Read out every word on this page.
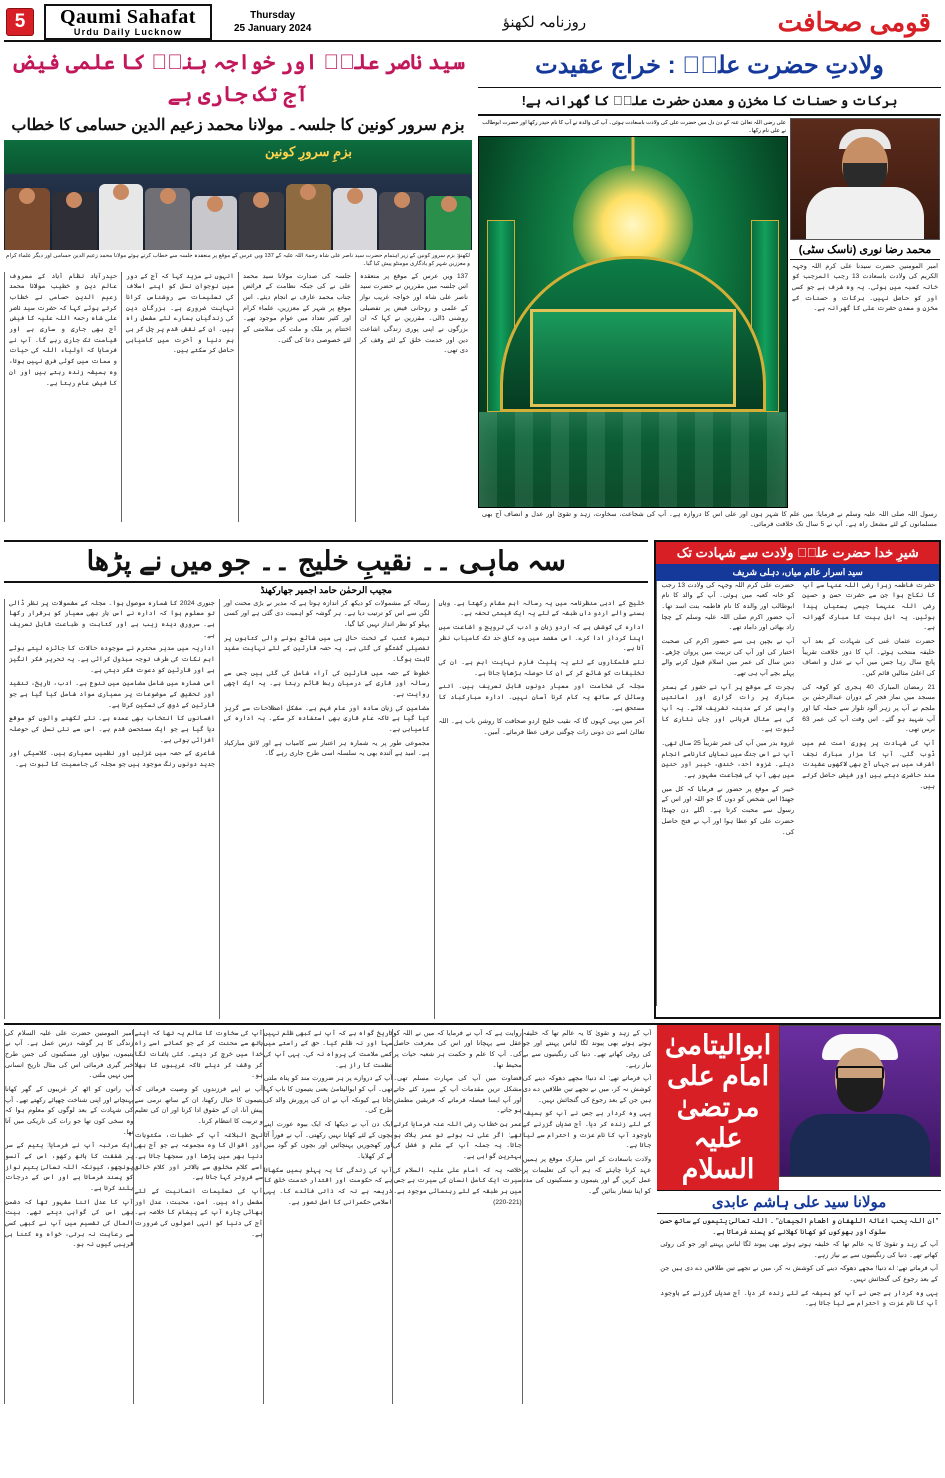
5	Qaumi Sahafat
Urdu Daily Lucknow
Thursday
25 January 2024	روزنامہ لکھنؤ	قومی صحافت
سید ناصر علیؒ اور خواجہ ہندؒ کا علمی فیض آج تک جاری ہے
بزم سرور کونین کا جلسہ۔ مولانا محمد زعیم الدین حسامی کا خطاب
بزمِ سرورِ کونین
لکھنؤ: بزم سرور کونین کے زیر اہتمام حضرت سید ناصر علی شاہ رحمۃ اللہ علیہ کے 137 ویں عرس کے موقع پر منعقدہ جلسہ سے خطاب کرتے ہوئے مولانا محمد زعیم الدین حسامی اور دیگر علماء کرام و معززین شہر کو یادگاری مومنٹو پیش کیا گیا۔
حیدرآباد نظام آباد کے معروف عالم دین و خطیب مولانا محمد زعیم الدین حسامی نے خطاب کرتے ہوئے کہا کہ حضرت سید ناصر علی شاہ رحمۃ اللہ علیہ کا فیض آج بھی جاری و ساری ہے اور قیامت تک جاری رہے گا۔ آپ نے فرمایا کہ اولیاء اللہ کی حیات و ممات میں کوئی فرق نہیں ہوتا، وہ ہمیشہ زندہ رہتے ہیں اور ان کا فیض عام رہتا ہے۔
انہوں نے مزید کہا کہ آج کے دور میں نوجوان نسل کو اپنے اسلاف کی تعلیمات سے روشناس کرانا نہایت ضروری ہے۔ بزرگان دین کی زندگیاں ہمارے لئے مشعل راہ ہیں۔ ان کے نقش قدم پر چل کر ہی ہم دنیا و آخرت میں کامیابی حاصل کر سکتے ہیں۔
جلسہ کی صدارت مولانا سید محمد علی نے کی جبکہ نظامت کے فرائض جناب محمد عارف نے انجام دیئے۔ اس موقع پر شہر کے معززین، علماء کرام اور کثیر تعداد میں عوام موجود تھے۔ اختتام پر ملک و ملت کی سلامتی کے لئے خصوصی دعا کی گئی۔
137 ویں عرس کے موقع پر منعقدہ اس جلسہ میں مقررین نے حضرت سید ناصر علی شاہ اور خواجہ غریب نواز کے علمی و روحانی فیض پر تفصیلی روشنی ڈالی۔ مقررین نے کہا کہ ان بزرگوں نے اپنی پوری زندگی اشاعت دین اور خدمت خلق کے لئے وقف کر دی تھی۔
ولادتِ حضرت علیؓ : خراج عقیدت
برکات و حسنات کا مخزن و معدن حضرت علیؓ کا گھرانہ ہے!
علی رضی اللہ تعالیٰ عنہ کے دن دل میں حضرت علی کی ولادت باسعادت ہوئی۔ آپ کی والدہ نے آپ کا نام حیدر رکھا اور حضرت ابوطالب نے علی نام رکھا۔
محمد رضا نوری (ناسک سٹی)
امیر المومنین حضرت سیدنا علی کرم اللہ وجہہ الکریم کی ولادت باسعادت 13 رجب المرجب کو خانہ کعبہ میں ہوئی۔ یہ وہ شرف ہے جو کسی اور کو حاصل نہیں۔ برکات و حسنات کے مخزن و معدن حضرت علی کا گھرانہ ہے۔
رسول اللہ صلی اللہ علیہ وسلم نے فرمایا: میں علم کا شہر ہوں اور علی اس کا دروازہ ہے۔ آپ کی شجاعت، سخاوت، زہد و تقویٰ اور عدل و انصاف آج بھی مسلمانوں کے لئے مشعل راہ ہے۔ آپ نے 5 سال تک خلافت فرمائی۔
سہ ماہی ۔۔ نقیبِ خلیج ۔۔ جو میں نے پڑھا
مجیب الرحمٰن حامد اجمیر جھارکھنڈ

جنوری 2024 کا شمارہ موصول ہوا۔ مجلہ کے مشمولات پر نظر ڈالی تو معلوم ہوا کہ ادارہ نے اس بار بھی معیار کو برقرار رکھا ہے۔ سرورق دیدہ زیب ہے اور کتابت و طباعت قابل تعریف ہے۔

اداریہ میں مدیر محترم نے موجودہ حالات کا جائزہ لیتے ہوئے اہم نکات کی طرف توجہ مبذول کرائی ہے۔ یہ تحریر فکر انگیز ہے اور قارئین کو دعوت فکر دیتی ہے۔

اس شمارہ میں شامل مضامین میں تنوع ہے۔ ادب، تاریخ، تنقید اور تحقیق کے موضوعات پر معیاری مواد شامل کیا گیا ہے جو قارئین کے ذوق کی تسکین کرتا ہے۔

افسانوں کا انتخاب بھی عمدہ ہے۔ نئے لکھنے والوں کو موقع دیا گیا ہے جو ایک مستحسن قدم ہے۔ اس سے نئی نسل کی حوصلہ افزائی ہوتی ہے۔

شاعری کے حصہ میں غزلیں اور نظمیں معیاری ہیں۔ کلاسیکی اور جدید دونوں رنگ موجود ہیں جو مجلہ کی جامعیت کا ثبوت ہے۔

رسالہ کے مشمولات کو دیکھ کر اندازہ ہوتا ہے کہ مدیر نے بڑی محنت اور لگن سے اس کو ترتیب دیا ہے۔ ہر گوشہ کو اہمیت دی گئی ہے اور کسی پہلو کو نظر انداز نہیں کیا گیا۔

تبصرہ کتب کے تحت حال ہی میں شائع ہونے والی کتابوں پر تفصیلی گفتگو کی گئی ہے۔ یہ حصہ قارئین کے لئے نہایت مفید ثابت ہوگا۔

خطوط کے حصہ میں قارئین کی آراء شامل کی گئی ہیں جس سے رسالہ اور قاری کے درمیان ربط قائم رہتا ہے۔ یہ ایک اچھی روایت ہے۔

مضامین کی زبان سادہ اور عام فہم ہے۔ مشکل اصطلاحات سے گریز کیا گیا ہے تاکہ عام قاری بھی استفادہ کر سکے۔ یہ ادارہ کی کامیابی ہے۔

مجموعی طور پر یہ شمارہ ہر اعتبار سے کامیاب ہے اور لائق مبارکباد ہے۔ امید ہے آئندہ بھی یہ سلسلہ اسی طرح جاری رہے گا۔

خلیج کے ادبی منظرنامہ میں یہ رسالہ اہم مقام رکھتا ہے۔ وہاں بسنے والے اردو داں طبقہ کے لئے یہ ایک قیمتی تحفہ ہے۔

ادارہ کی کوشش ہے کہ اردو زبان و ادب کی ترویج و اشاعت میں اپنا کردار ادا کرے۔ اس مقصد میں وہ کافی حد تک کامیاب نظر آتا ہے۔

نئے قلمکاروں کے لئے یہ پلیٹ فارم نہایت اہم ہے۔ ان کی تخلیقات کو شائع کر کے ان کا حوصلہ بڑھایا جاتا ہے۔

مجلہ کی ضخامت اور معیار دونوں قابل تعریف ہیں۔ اتنے وسائل کے ساتھ یہ کام کرنا آسان نہیں۔ ادارہ مبارکباد کا مستحق ہے۔

آخر میں یہی کہوں گا کہ نقیب خلیج اردو صحافت کا روشن باب ہے۔ اللہ تعالیٰ اسے دن دونی رات چوگنی ترقی عطا فرمائے۔ آمین۔

شیرِ خدا حضرت علیؓ ولادت سے شہادت تک
سید اسرار عالم میاں، دہلی شریف

حضرت علی کرم اللہ وجہہ کی ولادت 13 رجب کو خانہ کعبہ میں ہوئی۔ آپ کے والد کا نام ابوطالب اور والدہ کا نام فاطمہ بنت اسد تھا۔ آپ حضور اکرم صلی اللہ علیہ وسلم کے چچا زاد بھائی اور داماد تھے۔

آپ نے بچپن ہی سے حضور اکرم کی صحبت اختیار کی اور آپ کی تربیت میں پروان چڑھے۔ دس سال کی عمر میں اسلام قبول کرنے والے پہلے بچے آپ ہی تھے۔

ہجرت کے موقع پر آپ نے حضور کے بستر مبارک پر رات گزاری اور امانتیں واپس کر کے مدینہ تشریف لائے۔ یہ آپ کی بے مثال قربانی اور جاں نثاری کا ثبوت ہے۔

غزوہ بدر میں آپ کی عمر تقریباً 25 سال تھی۔ آپ نے اس جنگ میں نمایاں کارنامے انجام دیئے۔ غزوہ احد، خندق، خیبر اور حنین میں بھی آپ کی شجاعت مشہور ہے۔

خیبر کے موقع پر حضور نے فرمایا کہ کل میں جھنڈا اس شخص کو دوں گا جو اللہ اور اس کے رسول سے محبت کرتا ہے۔ اگلے دن جھنڈا حضرت علی کو عطا ہوا اور آپ نے فتح حاصل کی۔

حضرت فاطمہ زہرا رضی اللہ عنہا سے آپ کا نکاح ہوا جن سے حضرت حسن و حسین رضی اللہ عنہما جیسی ہستیاں پیدا ہوئیں۔ یہ اہل بیت کا مبارک گھرانہ ہے۔

حضرت عثمان غنی کی شہادت کے بعد آپ خلیفہ منتخب ہوئے۔ آپ کا دور خلافت تقریباً پانچ سال رہا جس میں آپ نے عدل و انصاف کی اعلیٰ مثالیں قائم کیں۔

21 رمضان المبارک 40 ہجری کو کوفہ کی مسجد میں نماز فجر کے دوران عبدالرحمٰن بن ملجم نے آپ پر زہر آلود تلوار سے حملہ کیا اور آپ شہید ہو گئے۔ اس وقت آپ کی عمر 63 برس تھی۔

آپ کی شہادت پر پوری امت غم میں ڈوب گئی۔ آپ کا مزار مبارک نجف اشرف میں ہے جہاں آج بھی لاکھوں عقیدت مند حاضری دیتے ہیں اور فیض حاصل کرتے ہیں۔

امیر المومنین حضرت علی علیہ السلام کی زندگی کا ہر گوشہ درس عمل ہے۔ آپ نے یتیموں، بیواؤں اور مسکینوں کی جس طرح خبر گیری فرمائی اس کی مثال تاریخ انسانی میں نہیں ملتی۔

آپ راتوں کو اٹھ کر غریبوں کے گھر کھانا پہنچاتے اور اپنی شناخت چھپائے رکھتے تھے۔ آپ کی شہادت کے بعد لوگوں کو معلوم ہوا کہ وہ سخی کون تھا جو رات کی تاریکی میں آتا تھا۔

ایک مرتبہ آپ نے فرمایا: یتیم کے سر پر شفقت کا ہاتھ رکھو، اس کے آنسو پونچھو، کیونکہ اللہ تعالیٰ یتیم نواز کو پسند فرماتا ہے اور اس کے درجات بلند کرتا ہے۔

آپ کا عدل اتنا مشہور تھا کہ دشمن بھی اس کی گواہی دیتے تھے۔ بیت المال کی تقسیم میں آپ نے کبھی کسی سے رعایت نہ برتی، خواہ وہ کتنا ہی قریبی کیوں نہ ہو۔

آپ کی سخاوت کا عالم یہ تھا کہ اپنے ہاتھ سے محنت کر کے جو کماتے اسے راہ خدا میں خرچ کر دیتے۔ کئی باغات لگا کر وقف کر دیئے تاکہ غریبوں کا بھلا ہو۔

آپ نے اپنے فرزندوں کو وصیت فرمائی کہ یتیموں کا خیال رکھنا، ان کے ساتھ نرمی سے پیش آنا، ان کے حقوق ادا کرنا اور ان کی تعلیم و تربیت کا انتظام کرنا۔

نہج البلاغہ آپ کے خطبات، مکتوبات اور اقوال کا وہ مجموعہ ہے جو آج بھی دنیا بھر میں پڑھا اور سمجھا جاتا ہے۔ اسے کلام مخلوق سے بالاتر اور کلام خالق سے فروتر کہا جاتا ہے۔

آپ کی تعلیمات انسانیت کے لئے مشعل راہ ہیں۔ امن، محبت، عدل اور بھائی چارہ آپ کے پیغام کا خلاصہ ہے۔ آج کی دنیا کو انہی اصولوں کی ضرورت ہے۔

تاریخ گواہ ہے کہ آپ نے کبھی ظلم نہیں سہا اور نہ ظلم کیا۔ حق کے راستے میں کسی ملامت کی پرواہ نہ کی۔ یہی آپ کی عظمت کا راز ہے۔

آپ کے دروازے پر ہر ضرورت مند کو پناہ ملتی تھی۔ آپ کو ابوالیتامیٰ یعنی یتیموں کا باپ کہا جاتا ہے کیونکہ آپ نے ان کی پرورش والد کی طرح کی۔

ایک دن آپ نے دیکھا کہ ایک بیوہ عورت اپنے بچوں کے لئے کھانا نہیں رکھتی۔ آپ نے فوراً آٹا اور کھجوریں پہنچائیں اور بچوں کو گود میں لے کر کھلایا۔

آپ کی زندگی کا یہ پہلو ہمیں سکھاتا ہے کہ حکومت اور اقتدار خدمت خلق کا ذریعہ ہے نہ کہ ذاتی فائدے کا۔ یہی اسلامی حکمرانی کا اصل تصور ہے۔

روایت ہے کہ آپ نے فرمایا کہ میں نے اللہ کو عقل سے پہچانا اور اس کی معرفت حاصل کی۔ آپ کا علم و حکمت ہر شعبہ حیات پر محیط تھا۔

قضاوت میں آپ کی مہارت مسلم تھی۔ مشکل ترین مقدمات آپ کے سپرد کئے جاتے اور آپ ایسا فیصلہ فرماتے کہ فریقین مطمئن ہو جاتے۔

عمر بن خطاب رضی اللہ عنہ فرمایا کرتے تھے: اگر علی نہ ہوتے تو عمر ہلاک ہو جاتا۔ یہ جملہ آپ کے علم و فضل کی بہترین گواہی ہے۔

خلاصہ یہ کہ امام علی علیہ السلام کی سیرت ایک کامل انسان کی سیرت ہے جس میں ہر طبقہ کے لئے رہنمائی موجود ہے۔ (221-220)

آپ کے زہد و تقویٰ کا یہ عالم تھا کہ خلیفہ ہوتے ہوئے بھی پیوند لگا لباس پہنتے اور جو کی روٹی کھاتے تھے۔ دنیا کی رنگینیوں سے بے نیاز رہے۔

آپ فرماتے تھے: اے دنیا! مجھے دھوکہ دینے کی کوشش نہ کر، میں نے تجھے تین طلاقیں دے دی ہیں جن کے بعد رجوع کی گنجائش نہیں۔

یہی وہ کردار ہے جس نے آپ کو ہمیشہ کے لئے زندہ کر دیا۔ آج صدیاں گزرنے کے باوجود آپ کا نام عزت و احترام سے لیا جاتا ہے۔

ولادت باسعادت کے اس مبارک موقع پر ہمیں عہد کرنا چاہئے کہ ہم آپ کی تعلیمات پر عمل کریں گے اور یتیموں و مسکینوں کی مدد کو اپنا شعار بنائیں گے۔

ابوالیتامیٰ امام علی مرتضیٰ علیہ السلام
مولانا سید علی ہاشم عابدی
"ان اللہ یحب اغاثۃ اللھفان و اطعام الجیعان" ۔ اللہ تعالیٰ یتیموں کے ساتھ حسن سلوک اور بھوکوں کو کھانا کھلانے کو پسند فرماتا ہے۔

آپ کے زہد و تقویٰ کا یہ عالم تھا کہ خلیفہ ہوتے ہوئے بھی پیوند لگا لباس پہنتے اور جو کی روٹی کھاتے تھے۔ دنیا کی رنگینیوں سے بے نیاز رہے۔

آپ فرماتے تھے: اے دنیا! مجھے دھوکہ دینے کی کوشش نہ کر، میں نے تجھے تین طلاقیں دے دی ہیں جن کے بعد رجوع کی گنجائش نہیں۔

یہی وہ کردار ہے جس نے آپ کو ہمیشہ کے لئے زندہ کر دیا۔ آج صدیاں گزرنے کے باوجود آپ کا نام عزت و احترام سے لیا جاتا ہے۔
